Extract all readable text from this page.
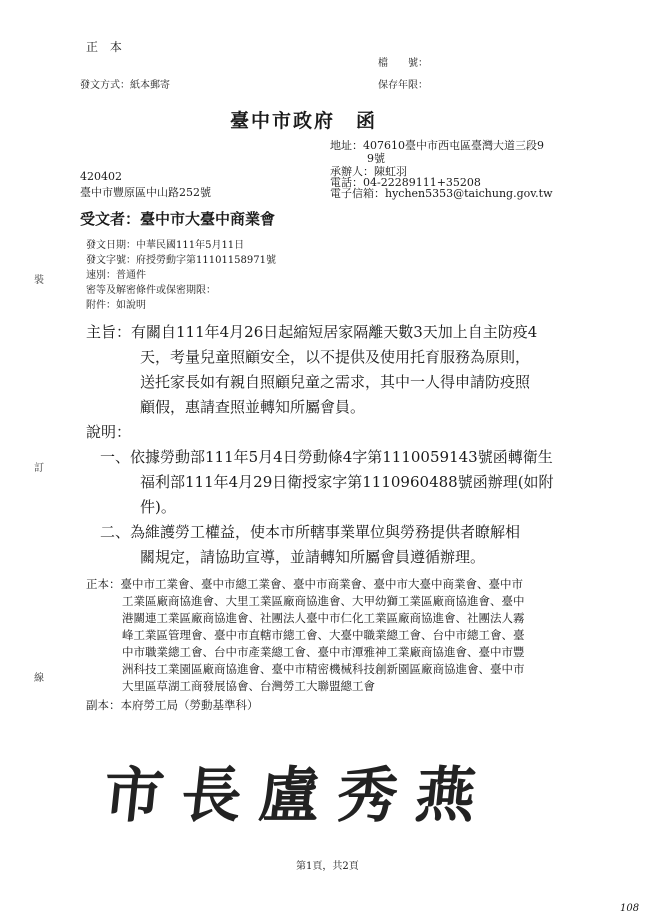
正 本
發文方式：紙本郵寄
檔　　號：
保存年限：
臺中市政府　函
地址：407610臺中市西屯區臺灣大道三段9
9號
承辦人：陳虹羽
電話：04-22289111+35208
電子信箱：hychen5353@taichung.gov.tw
420402
臺中市豐原區中山路252號
受文者：臺中市大臺中商業會
發文日期：中華民國111年5月11日
發文字號：府授勞動字第11101158971號
速別：普通件
密等及解密條件或保密期限：
附件：如說明
裝
訂
線
主旨：有關自111年4月26日起縮短居家隔離天數3天加上自主防疫4
天，考量兒童照顧安全，以不提供及使用托育服務為原則，
送托家長如有親自照顧兒童之需求，其中一人得申請防疫照
顧假，惠請查照並轉知所屬會員。
說明：
一、依據勞動部111年5月4日勞動條4字第1110059143號函轉衛生
福利部111年4月29日衛授家字第1110960488號函辦理(如附
件)。
二、為維護勞工權益，使本市所轄事業單位與勞務提供者瞭解相
關規定，請協助宣導，並請轉知所屬會員遵循辦理。
正本：臺中市工業會、臺中市總工業會、臺中市商業會、臺中市大臺中商業會、臺中市
工業區廠商協進會、大里工業區廠商協進會、大甲幼獅工業區廠商協進會、臺中
港關連工業區廠商協進會、社團法人臺中市仁化工業區廠商協進會、社團法人霧
峰工業區管理會、臺中市直轄市總工會、大臺中職業總工會、台中市總工會、臺
中市職業總工會、台中市產業總工會、臺中市潭雅神工業廠商協進會、臺中市豐
洲科技工業園區廠商協進會、臺中市精密機械科技創新園區廠商協進會、臺中市
大里區草湖工商發展協會、台灣勞工大聯盟總工會
副本：本府勞工局（勞動基準科）
市長盧秀燕
第1頁，共2頁
108
